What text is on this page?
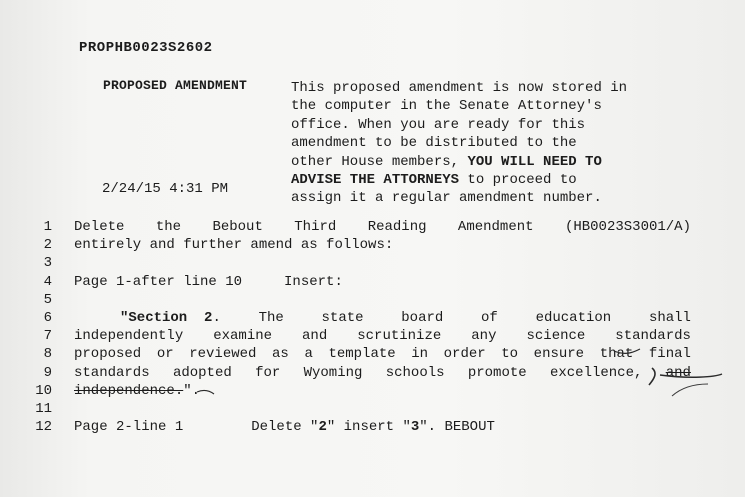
PROPHB0023S2602
PROPOSED AMENDMENT	This proposed amendment is now stored in
the computer in the Senate Attorney's
office. When you are ready for this
amendment to be distributed to the
other House members, YOU WILL NEED TO
ADVISE THE ATTORNEYS to proceed to
assign it a regular amendment number.
2/24/15 4:31 PM
1 Delete the Bebout Third Reading Amendment (HB0023S3001/A)
2 entirely and further amend as follows:
3
4 Page 1-after line 10	Insert:
5
6	"Section 2.	The	state	board	of	education	shall
7 independently examine and scrutinize any science standards
8 proposed or reviewed as a template in order to ensure that final
9 standards adopted for Wyoming schools promote excellence, and
10 independence.".
11
12 Page 2-line 1	Delete "2" insert "3". BEBOUT
